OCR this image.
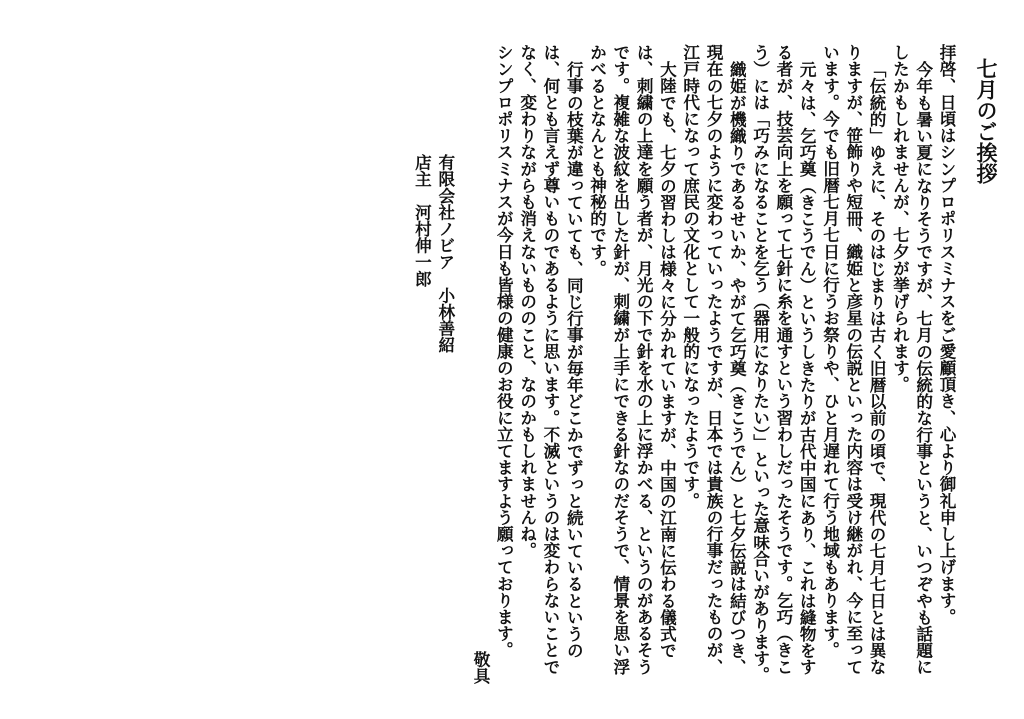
七月のご挨拶

拝啓、日頃はシンプロポリスミナスをご愛顧頂き、心より御礼申し上げます。

今年も暑い夏になりそうですが、七月の伝統的な行事というと、いつぞやも話題にしたかもしれませんが、七夕が挙げられます。

「伝統的」ゆえに、そのはじまりは古く旧暦以前の頃で、現代の七月七日とは異なりますが、笹飾りや短冊、織姫と彦星の伝説といった内容は受け継がれ、今に至っています。今でも旧暦七月七日に行うお祭りや、ひと月遅れて行う地域もあります。

元々は、乞巧奠（きこうでん）というしきたりが古代中国にあり、これは縫物をする者が、技芸向上を願って七針に糸を通すという習わしだったそうです。乞巧（きこう）には「巧みになることを乞う（器用になりたい）」といった意味合いがあります。

織姫が機織りであるせいか、やがて乞巧奠（きこうでん）と七夕伝説は結びつき、現在の七夕のように変わっていったようですが、日本では貴族の行事だったものが、江戸時代になって庶民の文化として一般的になったようです。

大陸でも、七夕の習わしは様々に分かれていますが、中国の江南に伝わる儀式では、刺繍の上達を願う者が、月光の下で針を水の上に浮かべる、というのがあるそうです。複雑な波紋を出した針が、刺繍が上手にできる針なのだそうで、情景を思い浮かべるとなんとも神秘的です。

行事の枝葉が違っていても、同じ行事が毎年どこかでずっと続いているというのは、何とも言えず尊いものであるように思います。不滅というのは変わらないことでなく、変わりながらも消えないもののこと、なのかもしれませんね。

シンプロポリスミナスが今日も皆様の健康のお役に立てますよう願っております。

敬具

有限会社ノビア　小林善紹

店主　河村伸一郎
